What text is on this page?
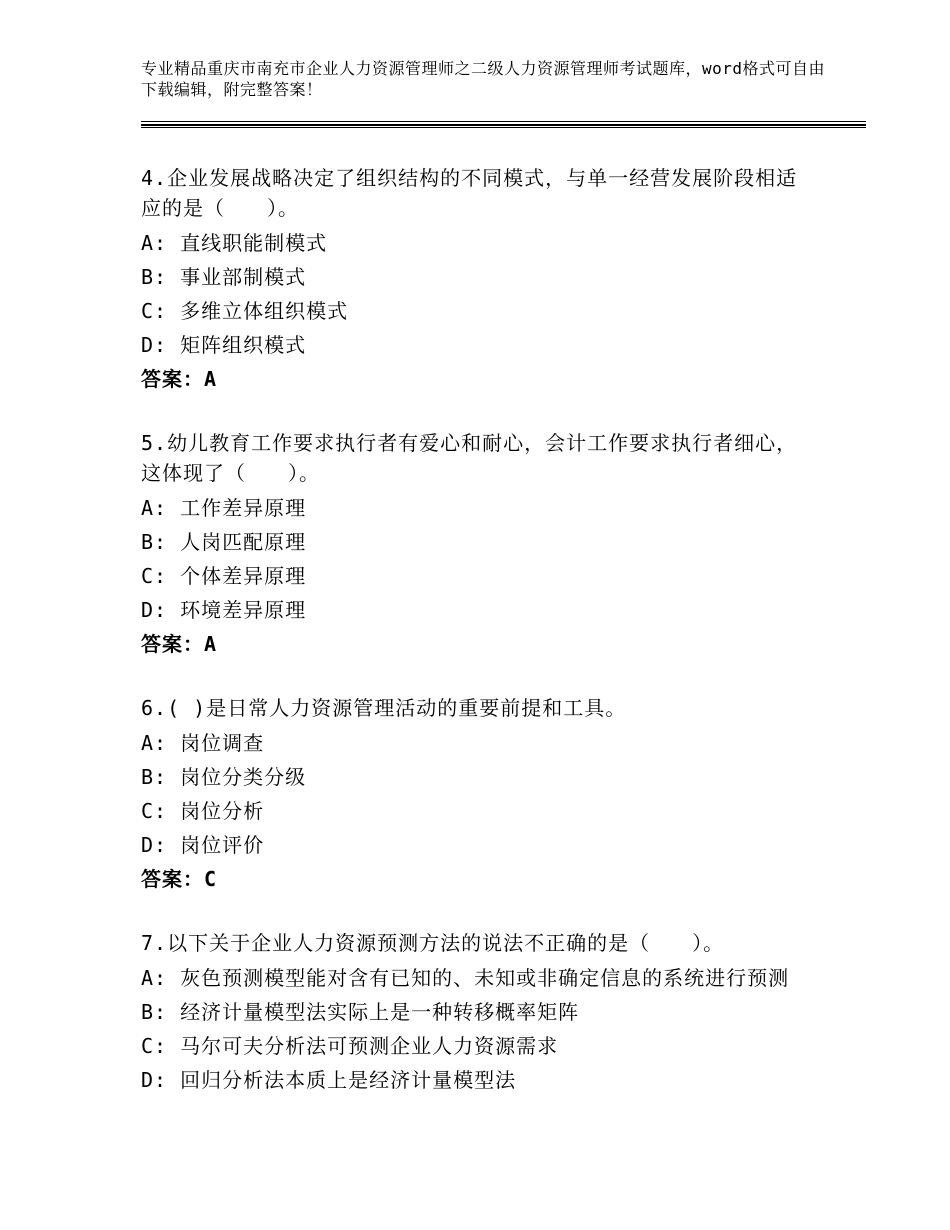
专业精品重庆市南充市企业人力资源管理师之二级人力资源管理师考试题库，word格式可自由下载编辑，附完整答案！
4.企业发展战略决定了组织结构的不同模式，与单一经营发展阶段相适应的是（　　）。
A: 直线职能制模式
B: 事业部制模式
C: 多维立体组织模式
D: 矩阵组织模式
答案：A
5.幼儿教育工作要求执行者有爱心和耐心，会计工作要求执行者细心，这体现了（　　）。
A: 工作差异原理
B: 人岗匹配原理
C: 个体差异原理
D: 环境差异原理
答案：A
6.( )是日常人力资源管理活动的重要前提和工具。
A: 岗位调查
B: 岗位分类分级
C: 岗位分析
D: 岗位评价
答案：C
7.以下关于企业人力资源预测方法的说法不正确的是（　　）。
A: 灰色预测模型能对含有已知的、未知或非确定信息的系统进行预测
B: 经济计量模型法实际上是一种转移概率矩阵
C: 马尔可夫分析法可预测企业人力资源需求
D: 回归分析法本质上是经济计量模型法
